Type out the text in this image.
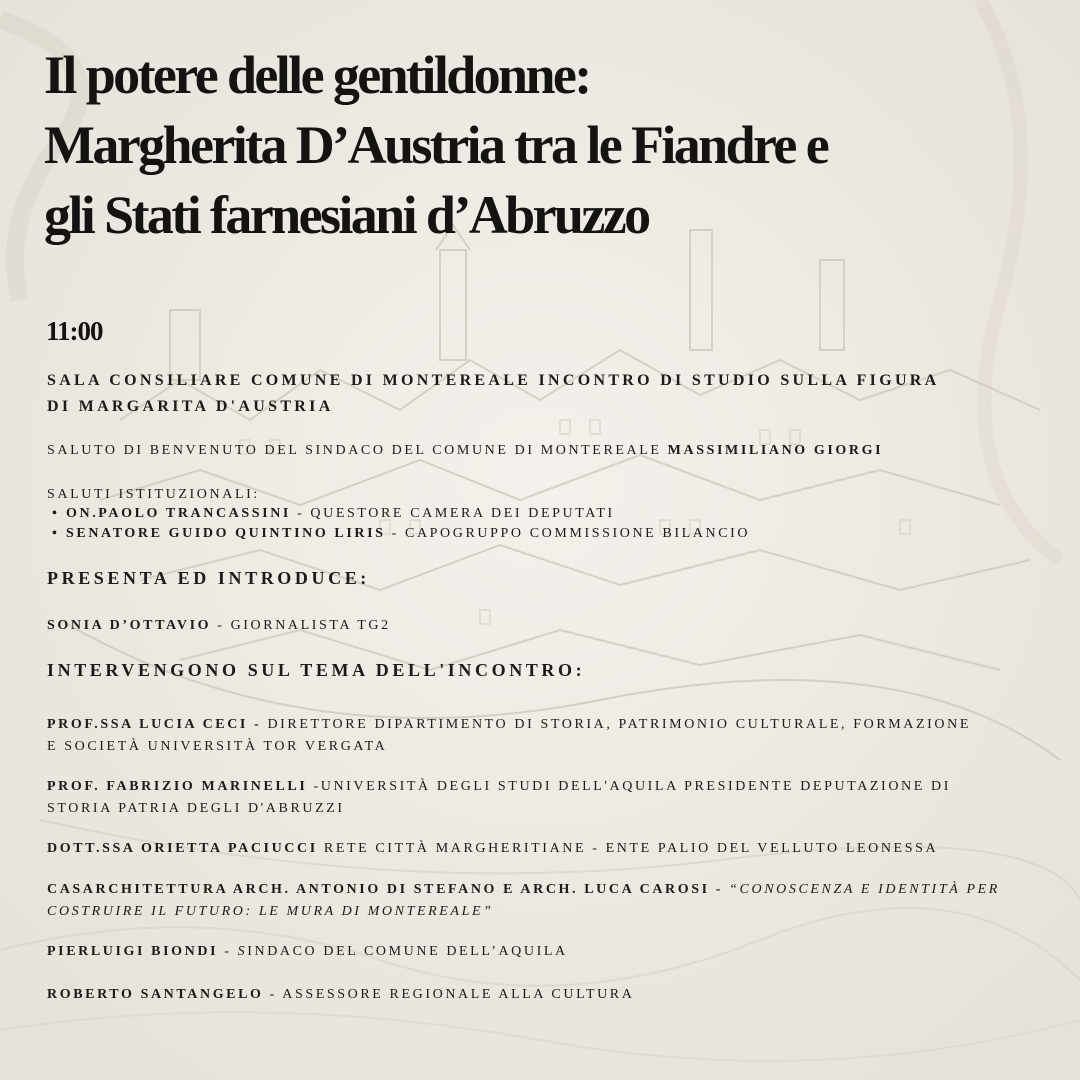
Il potere delle gentildonne:
Margherita D’Austria tra le Fiandre e
gli Stati farnesiani d’Abruzzo
11:00
SALA CONSILIARE COMUNE DI MONTEREALE INCONTRO DI STUDIO SULLA FIGURA
DI MARGARITA D'AUSTRIA
SALUTO DI BENVENUTO DEL SINDACO DEL COMUNE DI MONTEREALE MASSIMILIANO GIORGI
SALUTI ISTITUZIONALI:
• ON.PAOLO TRANCASSINI - QUESTORE CAMERA DEI DEPUTATI
• SENATORE GUIDO QUINTINO LIRIS - CAPOGRUPPO COMMISSIONE BILANCIO
PRESENTA ED INTRODUCE:
SONIA D’OTTAVIO - GIORNALISTA TG2
INTERVENGONO SUL TEMA DELL'INCONTRO:
PROF.SSA LUCIA CECI - DIRETTORE DIPARTIMENTO DI STORIA, PATRIMONIO CULTURALE, FORMAZIONE
E SOCIETÀ UNIVERSITÀ TOR VERGATA
PROF. FABRIZIO MARINELLI -UNIVERSITÀ DEGLI STUDI DELL'AQUILA PRESIDENTE DEPUTAZIONE DI
STORIA PATRIA DEGLI D'ABRUZZI
DOTT.SSA ORIETTA PACIUCCI RETE CITTÀ MARGHERITIANE - ENTE PALIO DEL VELLUTO LEONESSA
CASARCHITETTURA ARCH. ANTONIO DI STEFANO E ARCH. LUCA CAROSI - “CONOSCENZA E IDENTITÀ PER
COSTRUIRE IL FUTURO: LE MURA DI MONTEREALE”
PIERLUIGI BIONDI - SINDACO DEL COMUNE DELL’AQUILA
ROBERTO SANTANGELO - ASSESSORE REGIONALE ALLA CULTURA
